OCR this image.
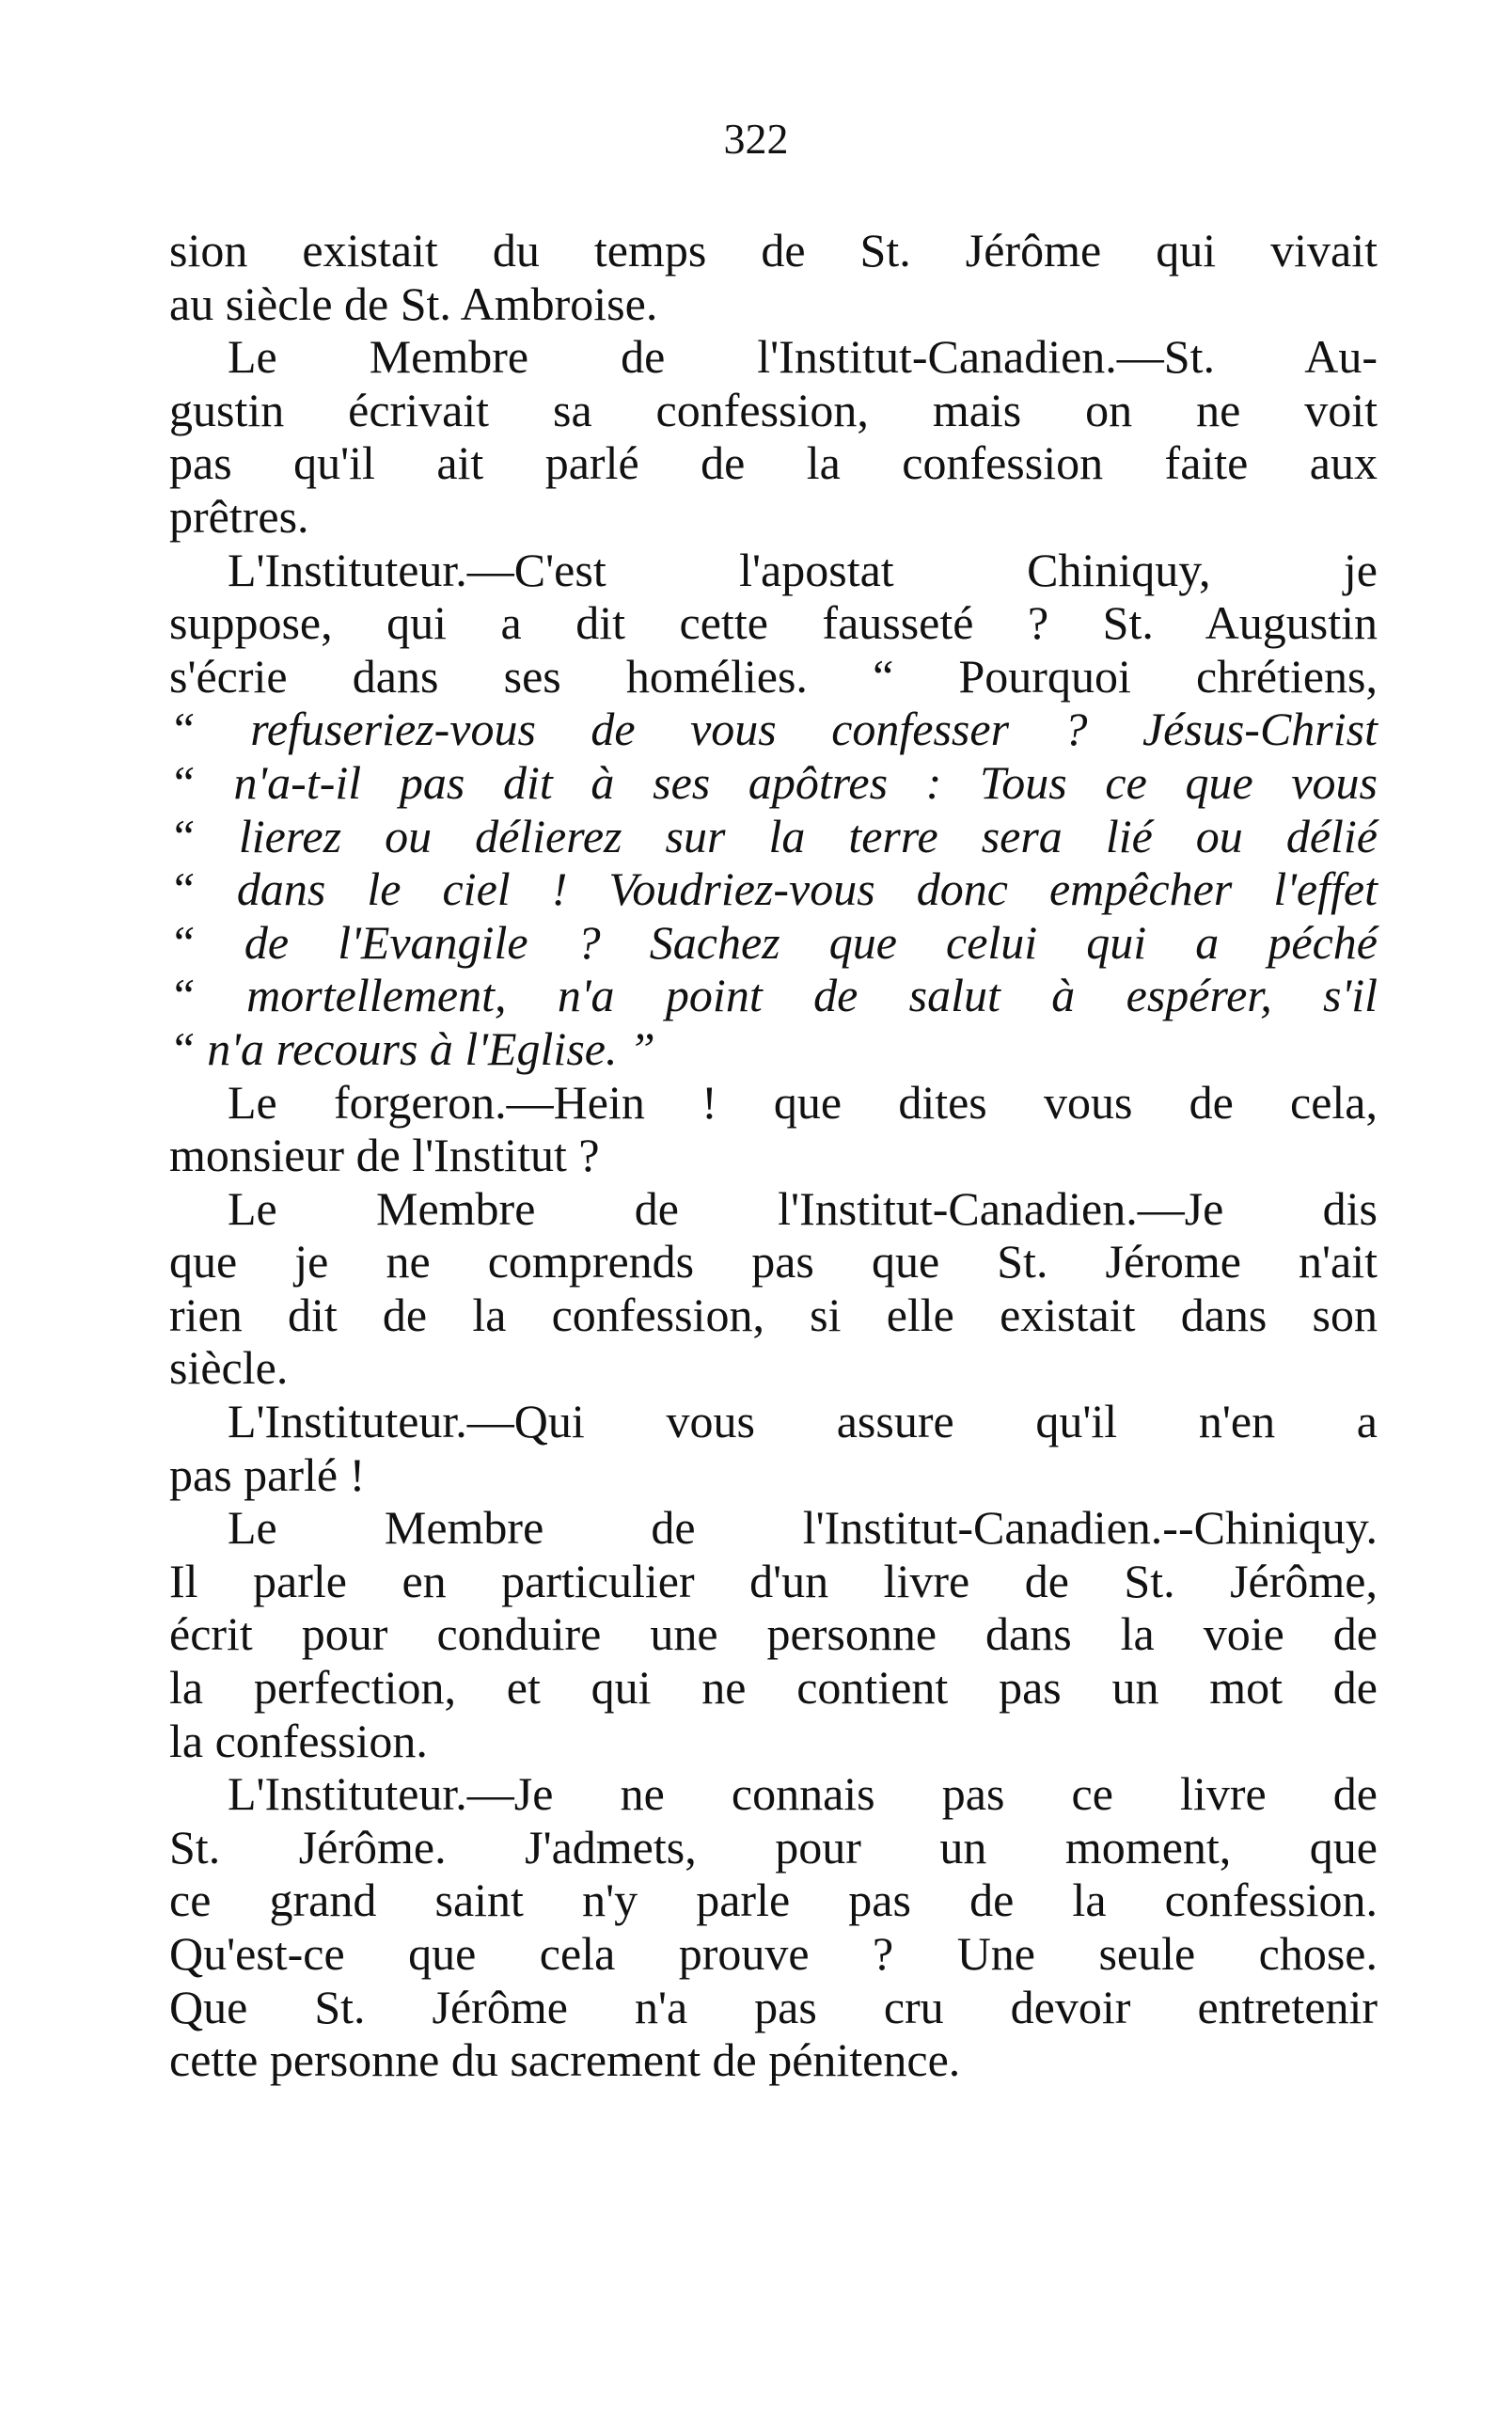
322
sion existait du temps de St. Jérôme qui vivait
au siècle de St. Ambroise.
Le Membre de l'Institut-Canadien.—St. Au-
gustin écrivait sa confession, mais on ne voit
pas qu'il ait parlé de la confession faite aux
prêtres.
L'Instituteur.—C'est l'apostat Chiniquy, je
suppose, qui a dit cette fausseté ? St. Augustin
s'écrie dans ses homélies. “ Pourquoi chrétiens,
“ refuseriez-vous de vous confesser ? Jésus-Christ
“ n'a-t-il pas dit à ses apôtres : Tous ce que vous
“ lierez ou délierez sur la terre sera lié ou délié
“ dans le ciel ! Voudriez-vous donc empêcher l'effet
“ de l'Evangile ? Sachez que celui qui a péché
“ mortellement, n'a point de salut à espérer, s'il
“ n'a recours à l'Eglise. ”
Le forgeron.—Hein ! que dites vous de cela,
monsieur de l'Institut ?
Le Membre de l'Institut-Canadien.—Je dis
que je ne comprends pas que St. Jérome n'ait
rien dit de la confession, si elle existait dans son
siècle.
L'Instituteur.—Qui vous assure qu'il n'en a
pas parlé !
Le Membre de l'Institut-Canadien.--Chiniquy.
Il parle en particulier d'un livre de St. Jérôme,
écrit pour conduire une personne dans la voie de
la perfection, et qui ne contient pas un mot de
la confession.
L'Instituteur.—Je ne connais pas ce livre de
St. Jérôme. J'admets, pour un moment, que
ce grand saint n'y parle pas de la confession.
Qu'est-ce que cela prouve ? Une seule chose.
Que St. Jérôme n'a pas cru devoir entretenir
cette personne du sacrement de pénitence.
